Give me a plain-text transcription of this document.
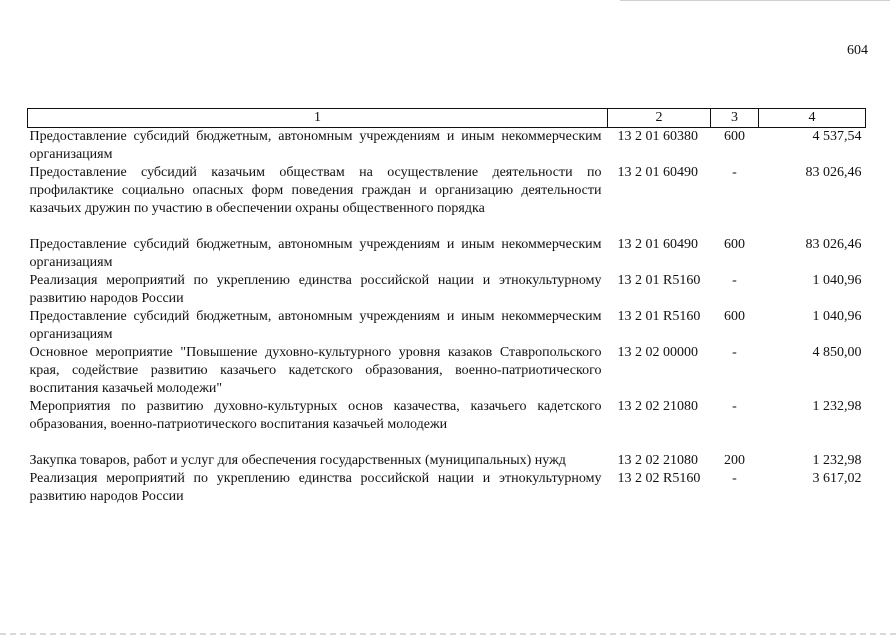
604
1	2	3	4
Предоставление субсидий бюджетным, автономным учреждениям и иным некоммерческим организациям	13 2 01 60380	600	4 537,54
Предоставление субсидий казачьим обществам на осуществление деятельности по профилактике социально опасных форм поведения граждан и организацию деятельности казачьих дружин по участию в обеспечении охраны общественного порядка	13 2 01 60490	-	83 026,46
Предоставление субсидий бюджетным, автономным учреждениям и иным некоммерческим организациям	13 2 01 60490	600	83 026,46
Реализация мероприятий по укреплению единства российской нации и этнокультурному развитию народов России	13 2 01 R5160	-	1 040,96
Предоставление субсидий бюджетным, автономным учреждениям и иным некоммерческим организациям	13 2 01 R5160	600	1 040,96
Основное мероприятие "Повышение духовно-культурного уровня казаков Ставропольского края, содействие развитию казачьего кадетского образования, военно-патриотического воспитания казачьей молодежи"	13 2 02 00000	-	4 850,00
Мероприятия по развитию духовно-культурных основ казачества, казачьего кадетского образования, военно-патриотического воспитания казачьей молодежи	13 2 02 21080	-	1 232,98
Закупка товаров, работ и услуг для обеспечения государственных (муниципальных) нужд	13 2 02 21080	200	1 232,98
Реализация мероприятий по укреплению единства российской нации и этнокультурному развитию народов России	13 2 02 R5160	-	3 617,02
